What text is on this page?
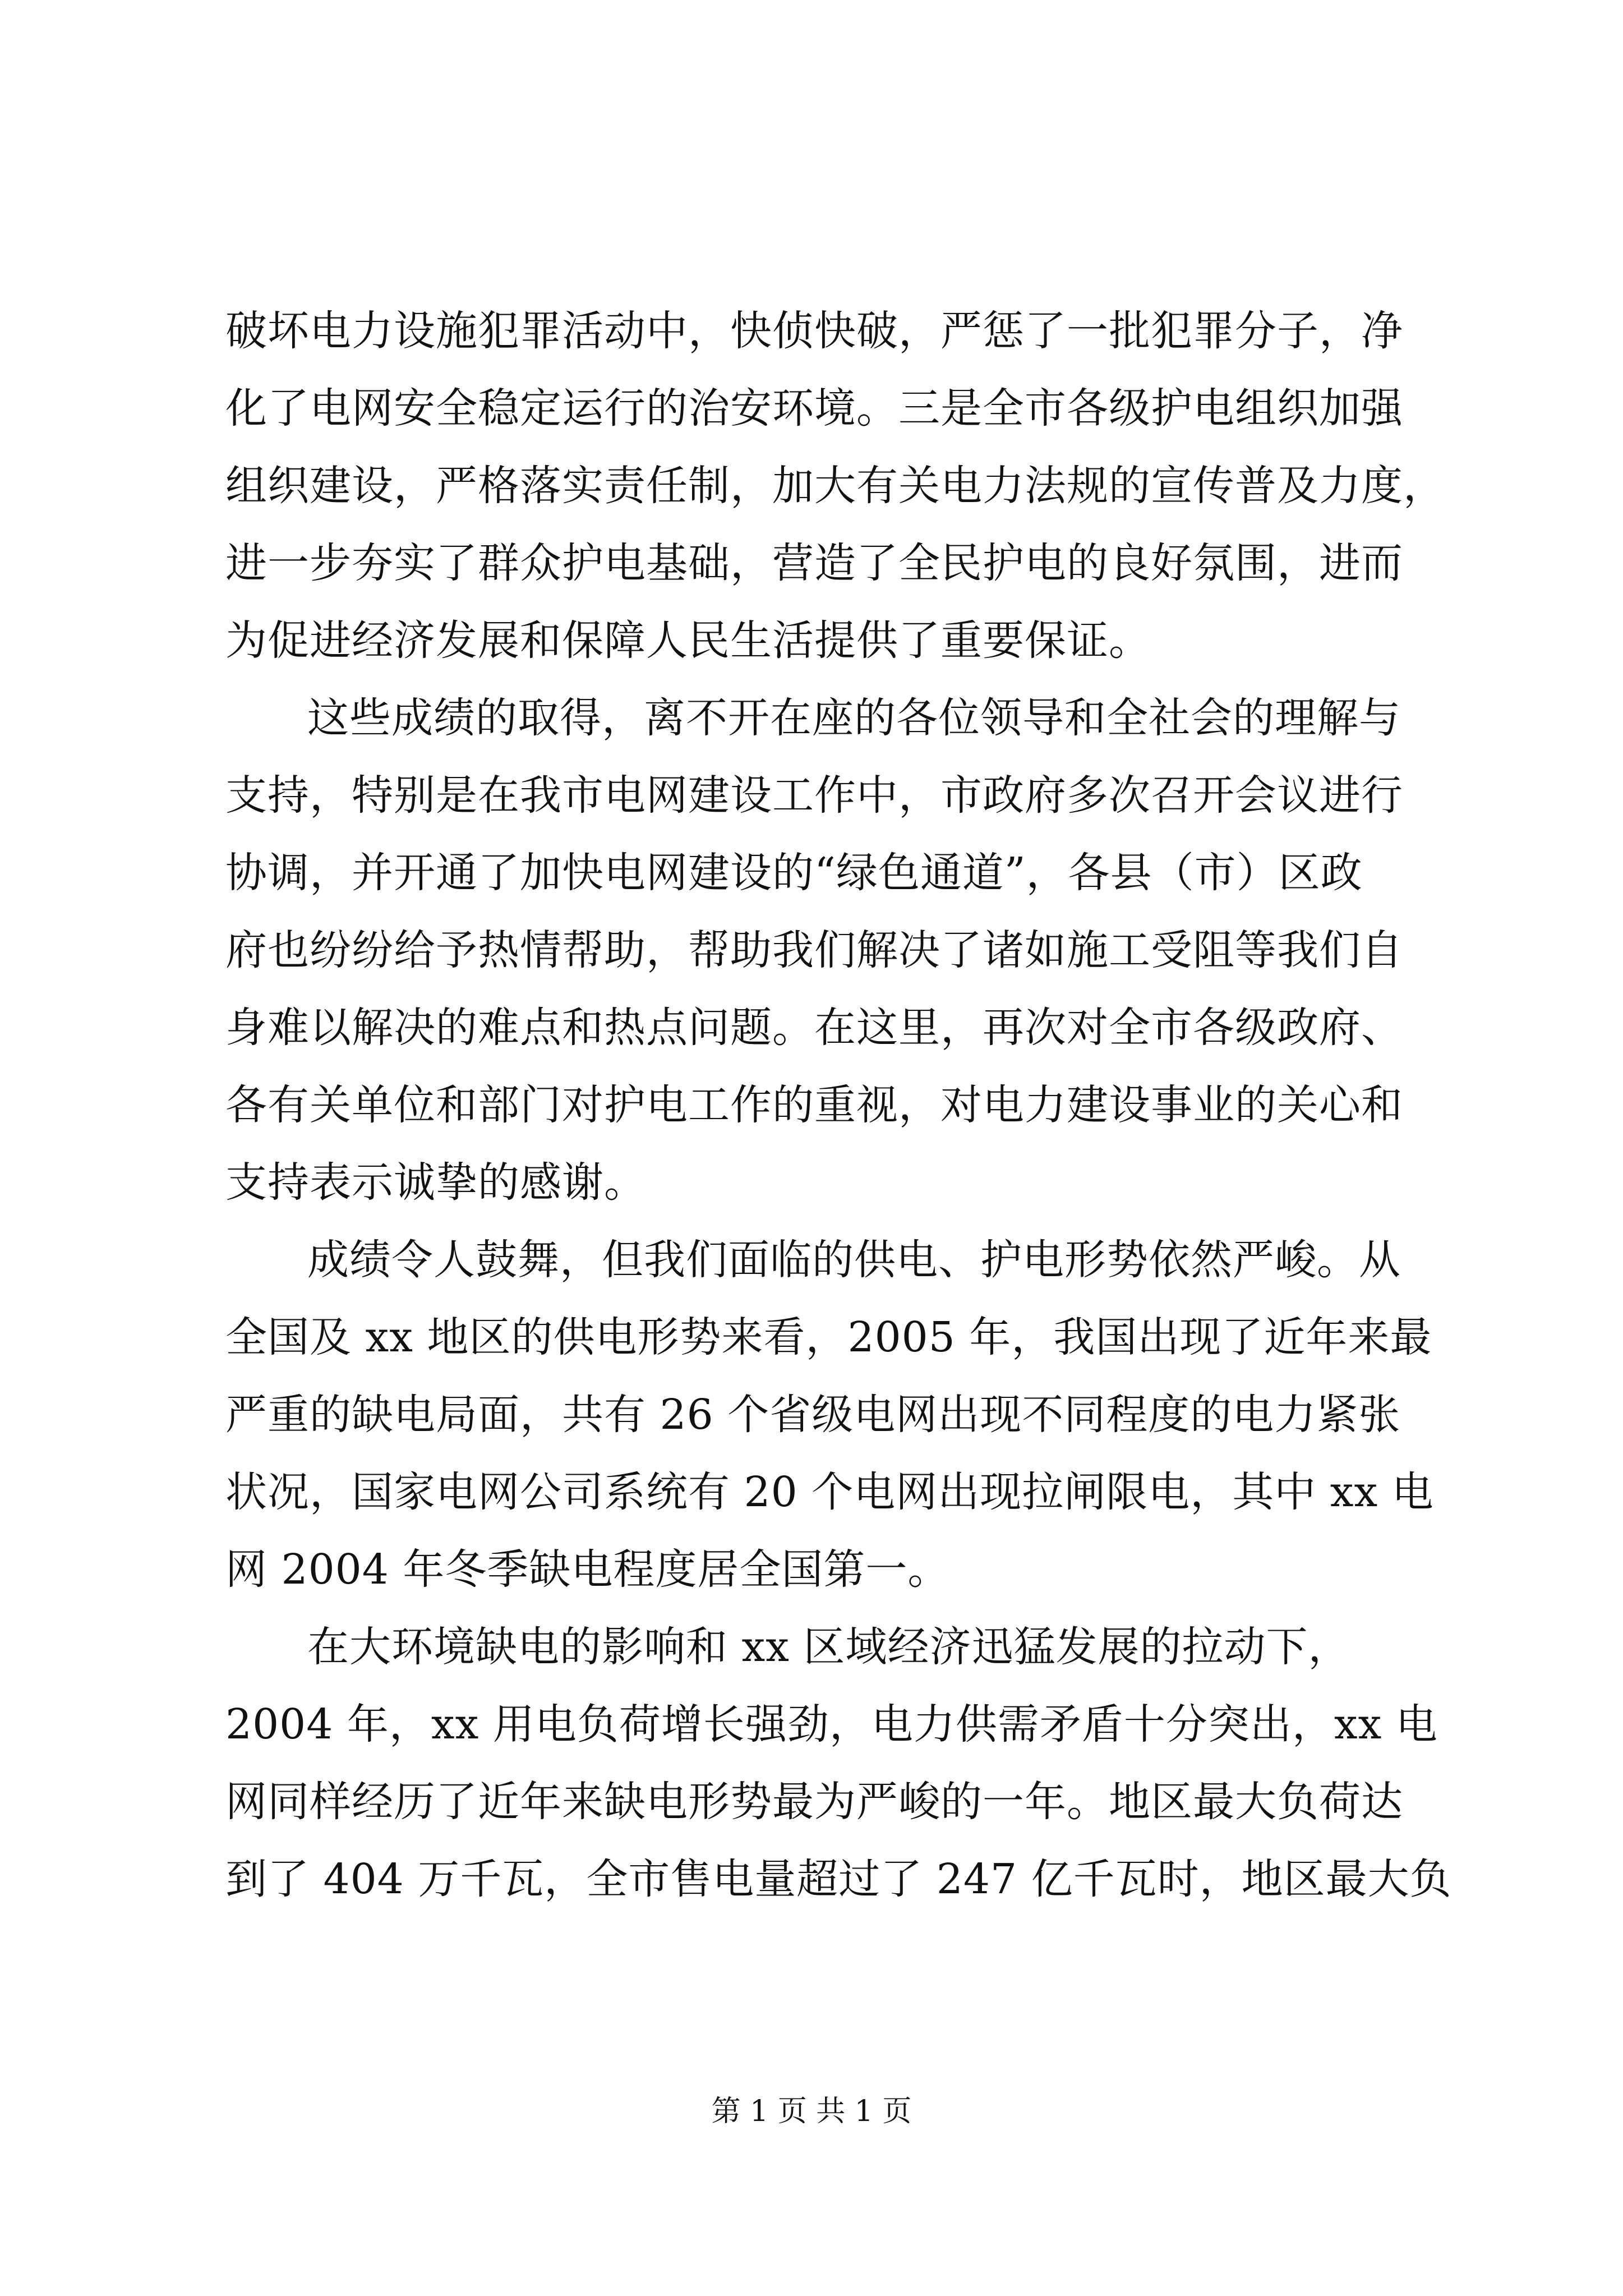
破坏电力设施犯罪活动中，快侦快破，严惩了一批犯罪分子，净
化了电网安全稳定运行的治安环境。三是全市各级护电组织加强
组织建设，严格落实责任制，加大有关电力法规的宣传普及力度，
进一步夯实了群众护电基础，营造了全民护电的良好氛围，进而
为促进经济发展和保障人民生活提供了重要保证。
这些成绩的取得，离不开在座的各位领导和全社会的理解与
支持，特别是在我市电网建设工作中，市政府多次召开会议进行
协调，并开通了加快电网建设的“绿色通道”，各县（市）区政
府也纷纷给予热情帮助，帮助我们解决了诸如施工受阻等我们自
身难以解决的难点和热点问题。在这里，再次对全市各级政府、
各有关单位和部门对护电工作的重视，对电力建设事业的关心和
支持表示诚挚的感谢。
成绩令人鼓舞，但我们面临的供电、护电形势依然严峻。从
全国及 xx 地区的供电形势来看，2005 年，我国出现了近年来最
严重的缺电局面，共有 26 个省级电网出现不同程度的电力紧张
状况，国家电网公司系统有 20 个电网出现拉闸限电，其中 xx 电
网 2004 年冬季缺电程度居全国第一。
在大环境缺电的影响和 xx 区域经济迅猛发展的拉动下，
2004 年，xx 用电负荷增长强劲，电力供需矛盾十分突出，xx 电
网同样经历了近年来缺电形势最为严峻的一年。地区最大负荷达
到了 404 万千瓦，全市售电量超过了 247 亿千瓦时，地区最大负
第 1 页 共 1 页
